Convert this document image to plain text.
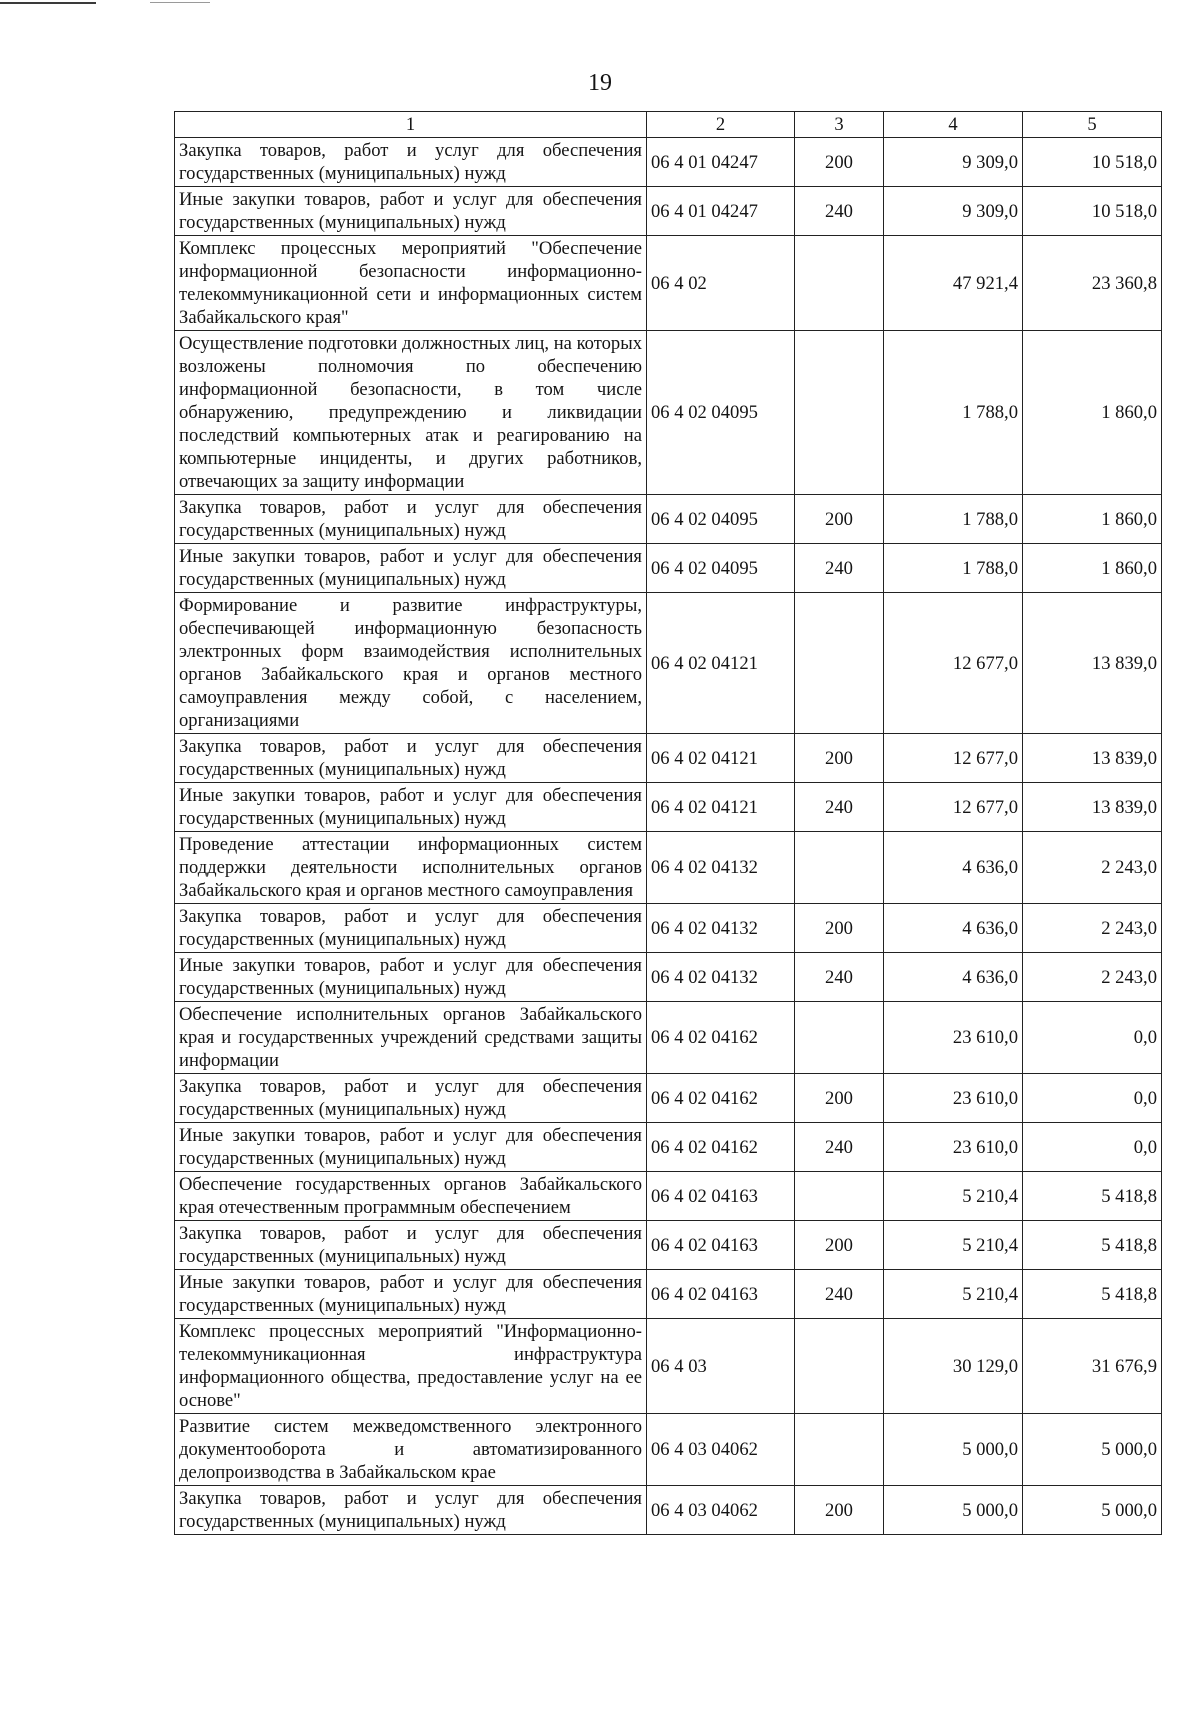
19
1	2	3	4	5
Закупка товаров, работ и услуг для обеспечения государственных (муниципальных) нужд	06 4 01 04247	200	9 309,0	10 518,0
Иные закупки товаров, работ и услуг для обеспечения государственных (муниципальных) нужд	06 4 01 04247	240	9 309,0	10 518,0
Комплекс процессных мероприятий "Обеспечение информационной безопасности информационно-телекоммуникационной сети и информационных систем Забайкальского края"	06 4 02		47 921,4	23 360,8
Осуществление подготовки должностных лиц, на которых возложены полномочия по обеспечению информационной безопасности, в том числе обнаружению, предупреждению и ликвидации последствий компьютерных атак и реагированию на компьютерные инциденты, и других работников, отвечающих за защиту информации	06 4 02 04095		1 788,0	1 860,0
Закупка товаров, работ и услуг для обеспечения государственных (муниципальных) нужд	06 4 02 04095	200	1 788,0	1 860,0
Иные закупки товаров, работ и услуг для обеспечения государственных (муниципальных) нужд	06 4 02 04095	240	1 788,0	1 860,0
Формирование и развитие инфраструктуры, обеспечивающей информационную безопасность электронных форм взаимодействия исполнительных органов Забайкальского края и органов местного самоуправления между собой, с населением, организациями	06 4 02 04121		12 677,0	13 839,0
Закупка товаров, работ и услуг для обеспечения государственных (муниципальных) нужд	06 4 02 04121	200	12 677,0	13 839,0
Иные закупки товаров, работ и услуг для обеспечения государственных (муниципальных) нужд	06 4 02 04121	240	12 677,0	13 839,0
Проведение аттестации информационных систем поддержки деятельности исполнительных органов Забайкальского края и органов местного самоуправления	06 4 02 04132		4 636,0	2 243,0
Закупка товаров, работ и услуг для обеспечения государственных (муниципальных) нужд	06 4 02 04132	200	4 636,0	2 243,0
Иные закупки товаров, работ и услуг для обеспечения государственных (муниципальных) нужд	06 4 02 04132	240	4 636,0	2 243,0
Обеспечение исполнительных органов Забайкальского края и государственных учреждений средствами защиты информации	06 4 02 04162		23 610,0	0,0
Закупка товаров, работ и услуг для обеспечения государственных (муниципальных) нужд	06 4 02 04162	200	23 610,0	0,0
Иные закупки товаров, работ и услуг для обеспечения государственных (муниципальных) нужд	06 4 02 04162	240	23 610,0	0,0
Обеспечение государственных органов Забайкальского края отечественным программным обеспечением	06 4 02 04163		5 210,4	5 418,8
Закупка товаров, работ и услуг для обеспечения государственных (муниципальных) нужд	06 4 02 04163	200	5 210,4	5 418,8
Иные закупки товаров, работ и услуг для обеспечения государственных (муниципальных) нужд	06 4 02 04163	240	5 210,4	5 418,8
Комплекс процессных мероприятий "Информационно-телекоммуникационная инфраструктура информационного общества, предоставление услуг на ее основе"	06 4 03		30 129,0	31 676,9
Развитие систем межведомственного электронного документооборота и автоматизированного делопроизводства в Забайкальском крае	06 4 03 04062		5 000,0	5 000,0
Закупка товаров, работ и услуг для обеспечения государственных (муниципальных) нужд	06 4 03 04062	200	5 000,0	5 000,0
